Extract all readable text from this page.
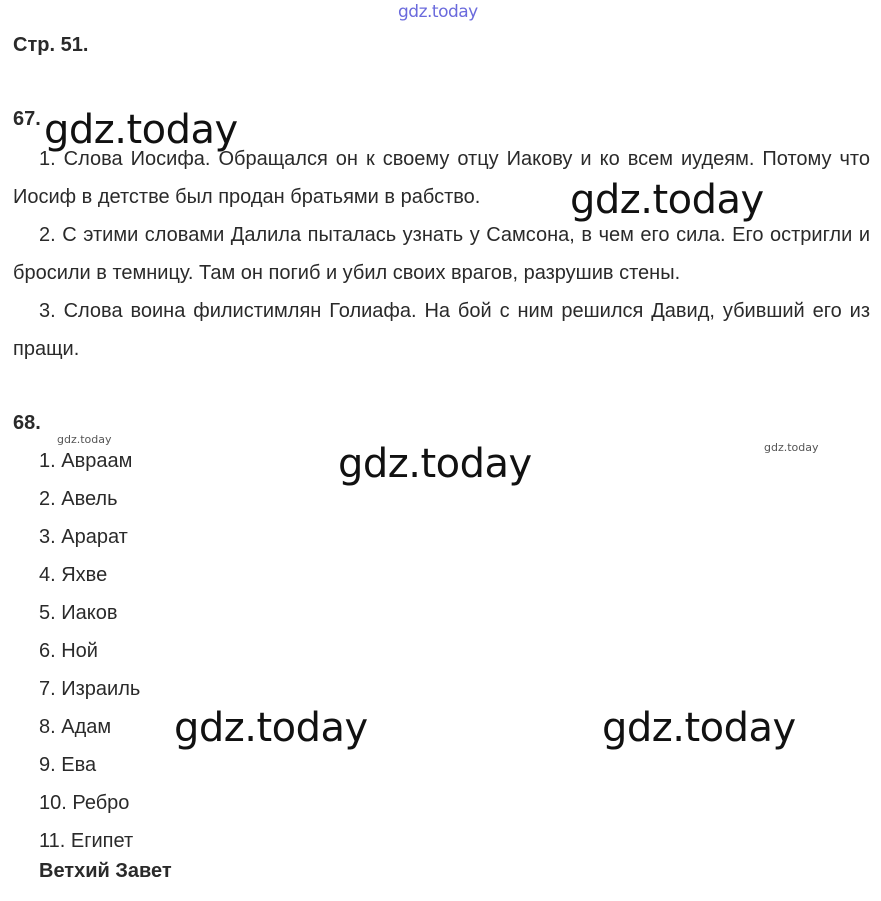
gdz.today
Стр. 51.
67.
1. Слова Иосифа. Обращался он к своему отцу Иакову и ко всем иудеям. Потому что Иосиф в детстве был продан братьями в рабство.
2. С этими словами Далила пыталась узнать у Самсона, в чем его сила. Его остригли и бросили в темницу. Там он погиб и убил своих врагов, разрушив стены.
3. Слова воина филистимлян Голиафа. На бой с ним решился Давид, убивший его из пращи.
68.
1. Авраам
2. Авель
3. Арарат
4. Яхве
5. Иаков
6. Ной
7. Израиль
8. Адам
9. Ева
10. Ребро
11. Египет
Ветхий Завет
gdz.today
gdz.today
gdz.today
gdz.today	gdz.today
gdz.today
gdz.today
